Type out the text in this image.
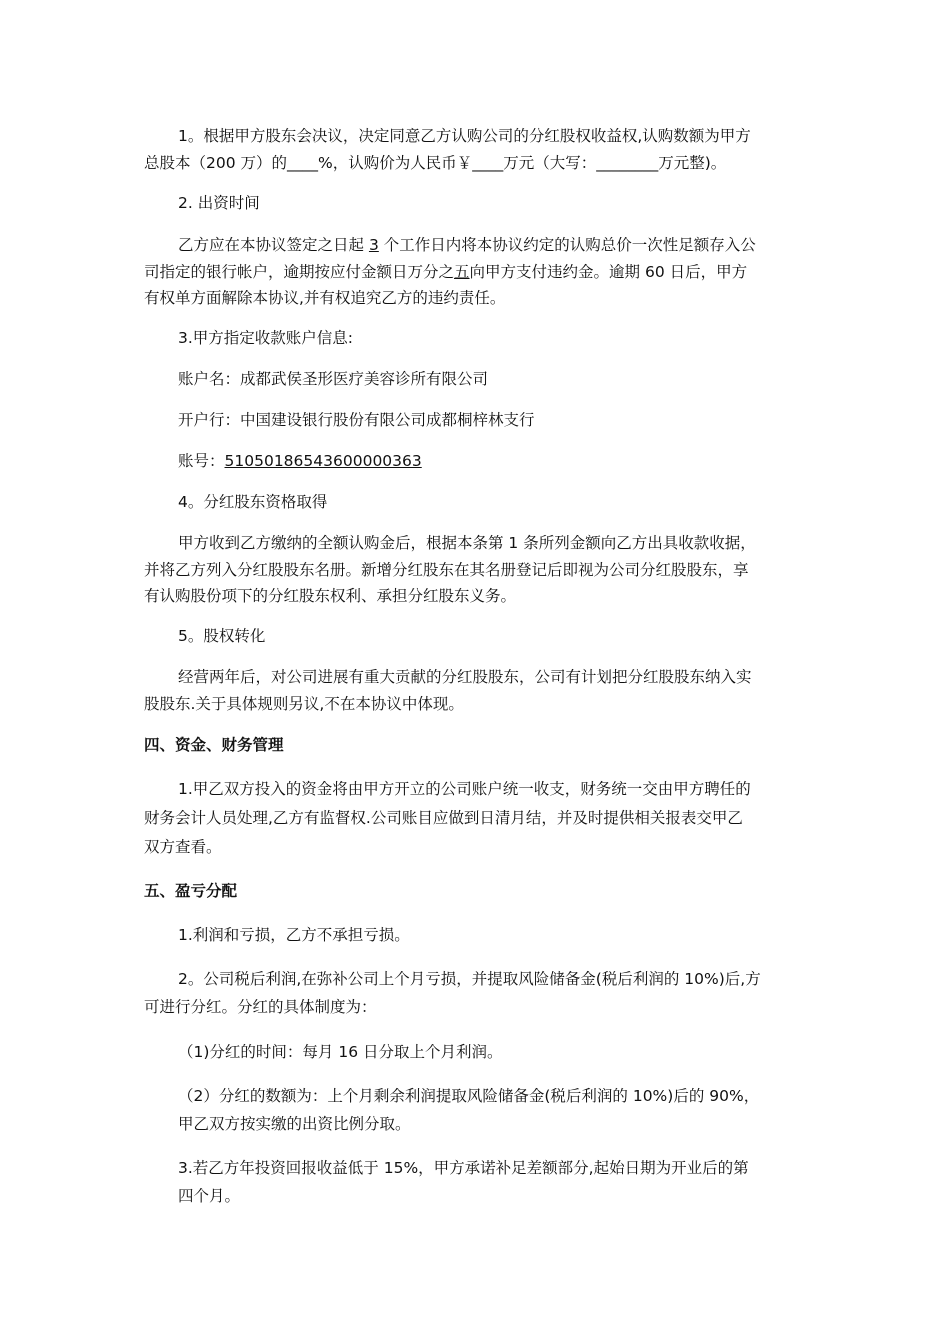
1。根据甲方股东会决议，决定同意乙方认购公司的分红股权收益权,认购数额为甲方
总股本（200 万）的____%，认购价为人民币￥____万元（大写：________万元整)。
2. 出资时间
乙方应在本协议签定之日起 3 个工作日内将本协议约定的认购总价一次性足额存入公
司指定的银行帐户，逾期按应付金额日万分之五向甲方支付违约金。逾期 60 日后，甲方
有权单方面解除本协议,并有权追究乙方的违约责任。
3.甲方指定收款账户信息:
账户名：成都武侯圣形医疗美容诊所有限公司
开户行：中国建设银行股份有限公司成都桐梓林支行
账号：51050186543600000363
4。分红股东资格取得
甲方收到乙方缴纳的全额认购金后，根据本条第 1 条所列金额向乙方出具收款收据，
并将乙方列入分红股股东名册。新增分红股东在其名册登记后即视为公司分红股股东，享
有认购股份项下的分红股东权利、承担分红股东义务。
5。股权转化
经营两年后，对公司进展有重大贡献的分红股股东，公司有计划把分红股股东纳入实
股股东.关于具体规则另议,不在本协议中体现。
四、资金、财务管理
1.甲乙双方投入的资金将由甲方开立的公司账户统一收支，财务统一交由甲方聘任的
财务会计人员处理,乙方有监督权.公司账目应做到日清月结，并及时提供相关报表交甲乙
双方查看。
五、盈亏分配
1.利润和亏损，乙方不承担亏损。
2。公司税后利润,在弥补公司上个月亏损，并提取风险储备金(税后利润的 10%)后,方
可进行分红。分红的具体制度为：
（1)分红的时间：每月 16 日分取上个月利润。
（2）分红的数额为：上个月剩余利润提取风险储备金(税后利润的 10%)后的 90%，
甲乙双方按实缴的出资比例分取。
3.若乙方年投资回报收益低于 15%，甲方承诺补足差额部分,起始日期为开业后的第
四个月。
